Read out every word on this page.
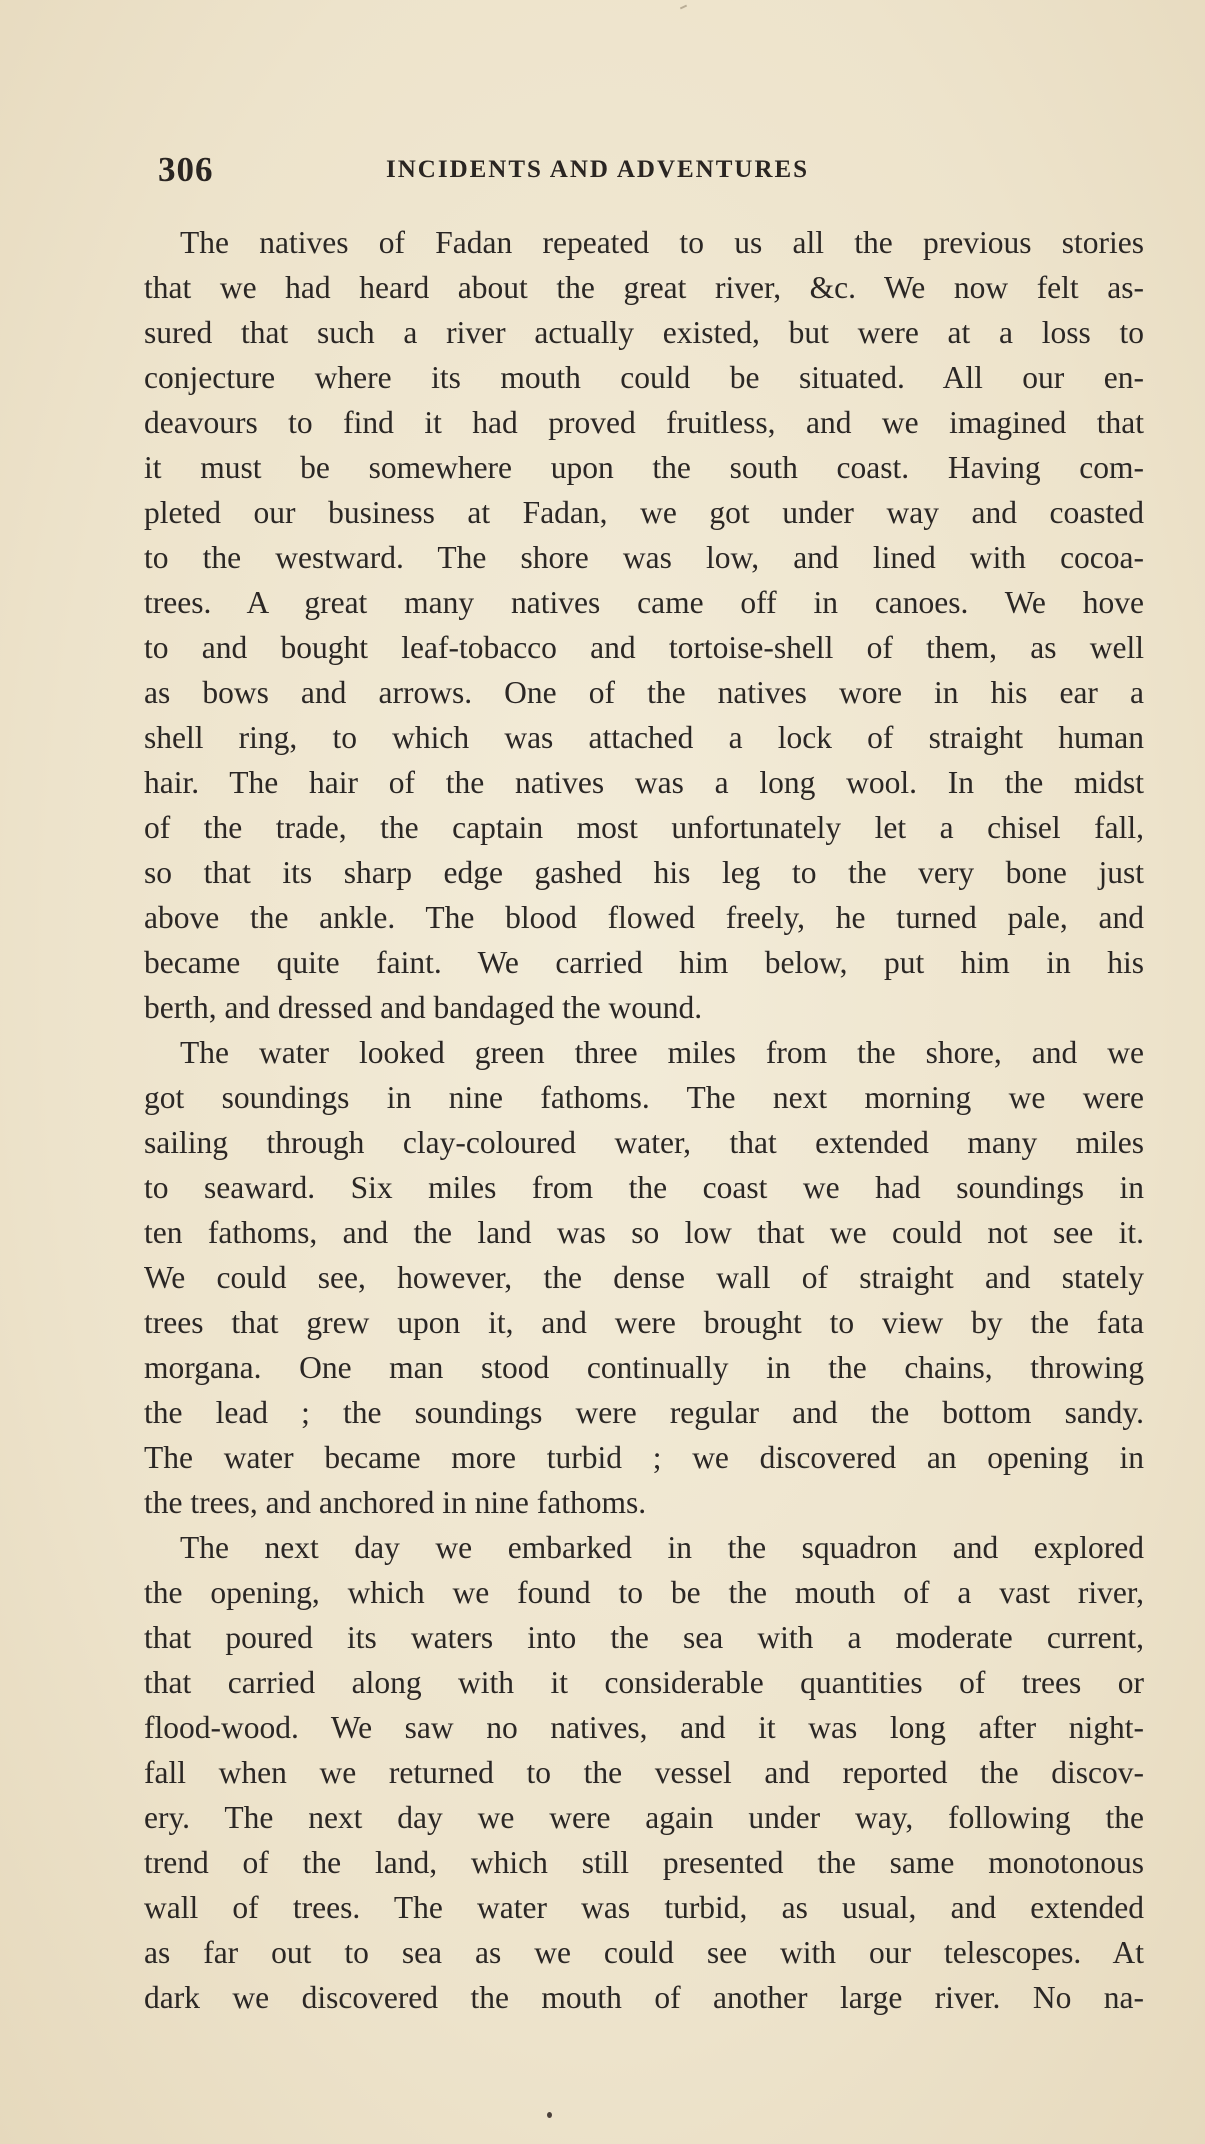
306	INCIDENTS AND ADVENTURES
The natives of Fadan repeated to us all the previous stories
that we had heard about the great river, &c. We now felt as-
sured that such a river actually existed, but were at a loss to
conjecture where its mouth could be situated. All our en-
deavours to find it had proved fruitless, and we imagined that
it must be somewhere upon the south coast. Having com-
pleted our business at Fadan, we got under way and coasted
to the westward. The shore was low, and lined with cocoa-
trees. A great many natives came off in canoes. We hove
to and bought leaf-tobacco and tortoise-shell of them, as well
as bows and arrows. One of the natives wore in his ear a
shell ring, to which was attached a lock of straight human
hair. The hair of the natives was a long wool. In the midst
of the trade, the captain most unfortunately let a chisel fall,
so that its sharp edge gashed his leg to the very bone just
above the ankle. The blood flowed freely, he turned pale, and
became quite faint. We carried him below, put him in his
berth, and dressed and bandaged the wound.
The water looked green three miles from the shore, and we
got soundings in nine fathoms. The next morning we were
sailing through clay-coloured water, that extended many miles
to seaward. Six miles from the coast we had soundings in
ten fathoms, and the land was so low that we could not see it.
We could see, however, the dense wall of straight and stately
trees that grew upon it, and were brought to view by the fata
morgana. One man stood continually in the chains, throwing
the lead ; the soundings were regular and the bottom sandy.
The water became more turbid ; we discovered an opening in
the trees, and anchored in nine fathoms.
The next day we embarked in the squadron and explored
the opening, which we found to be the mouth of a vast river,
that poured its waters into the sea with a moderate current,
that carried along with it considerable quantities of trees or
flood-wood. We saw no natives, and it was long after night-
fall when we returned to the vessel and reported the discov-
ery. The next day we were again under way, following the
trend of the land, which still presented the same monotonous
wall of trees. The water was turbid, as usual, and extended
as far out to sea as we could see with our telescopes. At
dark we discovered the mouth of another large river. No na-
